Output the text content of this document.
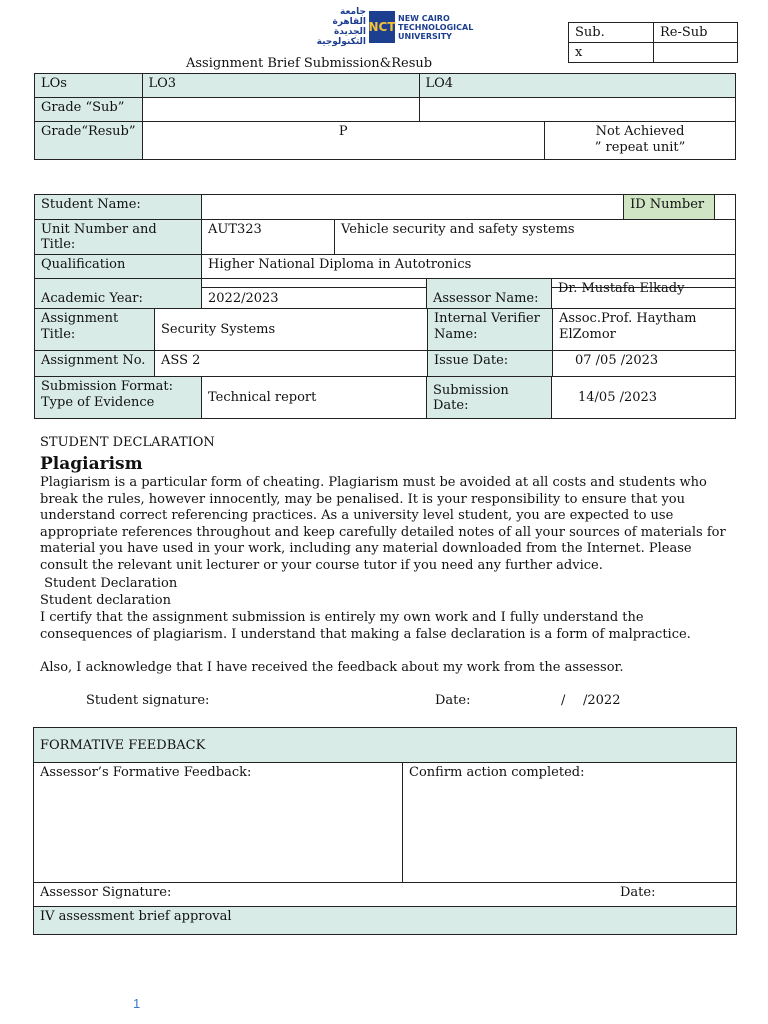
جامعة القاهرة الجديدة التكنولوجية
NCT
NEW CAIRO TECHNOLOGICAL UNIVERSITY	Sub.	Re-Sub
x	
Assignment Brief Submission&Resub
LOs	LO3	LO4	
Grade “Sub”			
Grade“Resub”	P		Not Achieved
” repeat unit”
Student Name:			ID Number	
Unit Number and Title:	AUT323	Vehicle security and safety systems		
Qualification	Higher National Diploma in Autotronics			
Academic Year:	2022/2023	Assessor Name:	Dr. Mustafa Elkady
Assignment Title:	Security Systems	Internal Verifier Name:	Assoc.Prof. Haytham ElZomor
Assignment No.	ASS 2	Issue Date:	07 /05 /2023
Submission Format: Type of Evidence	Technical report	Submission Date:	14/05 /2023
STUDENT DECLARATION
Plagiarism
Plagiarism is a particular form of cheating. Plagiarism must be avoided at all costs and students who break the rules, however innocently, may be penalised. It is your responsibility to ensure that you understand correct referencing practices. As a university level student, you are expected to use appropriate references throughout and keep carefully detailed notes of all your sources of materials for material you have used in your work, including any material downloaded from the Internet. Please consult the relevant unit lecturer or your course tutor if you need any further advice.
Student Declaration
Student declaration
I certify that the assignment submission is entirely my own work and I fully understand the consequences of plagiarism. I understand that making a false declaration is a form of malpractice.
Also, I acknowledge that I have received the feedback about my work from the assessor.
Student signature:	Date:	/ /2022
FORMATIVE FEEDBACK		
Assessor’s Formative Feedback:	Confirm action completed:	
Assessor Signature:		Date:
IV assessment brief approval		
1
